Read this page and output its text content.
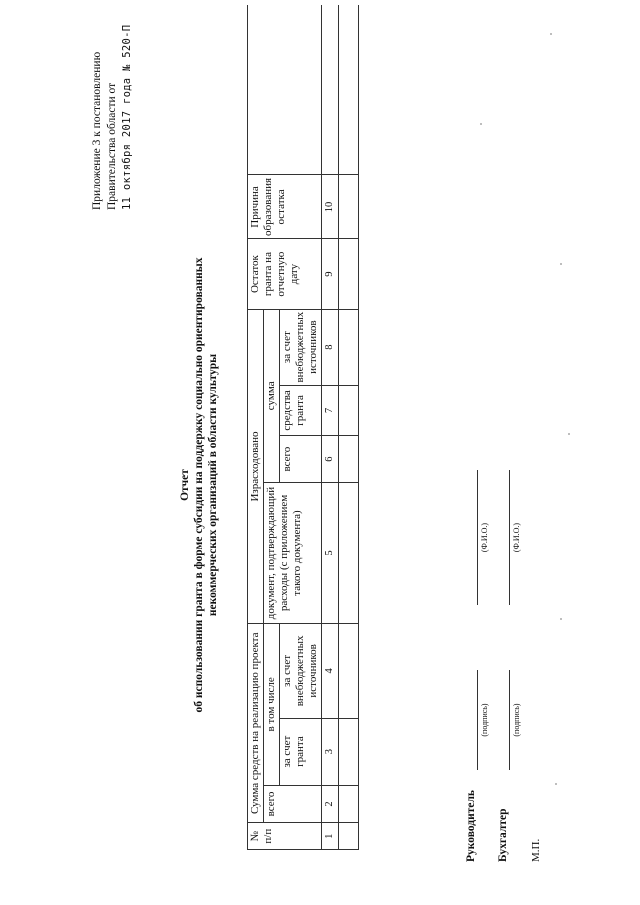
Приложение 3 к постановлению Правительства области от 11 октября 2017 года № 520-П
Отчет об использовании гранта в форме субсидии на поддержку социально ориентированных некоммерческих организаций в области культуры
№ п/п	Сумма средств на реализацию проекта			Израсходовано				Остаток гранта на отчетную дату	Причина образования остатка	
	всего	в том числе		документ, подтверждающий расходы (с приложением такого документа)	сумма					
		за счет гранта	за счет внебюджетных источников		всего	средства гранта	за счет внебюджетных источников			
1	2	3	4	5	6	7	8	9	10	

Руководитель
(подпись)
(Ф.И.О.)
Бухгалтер
(подпись)
(Ф.И.О.)
М.П.
